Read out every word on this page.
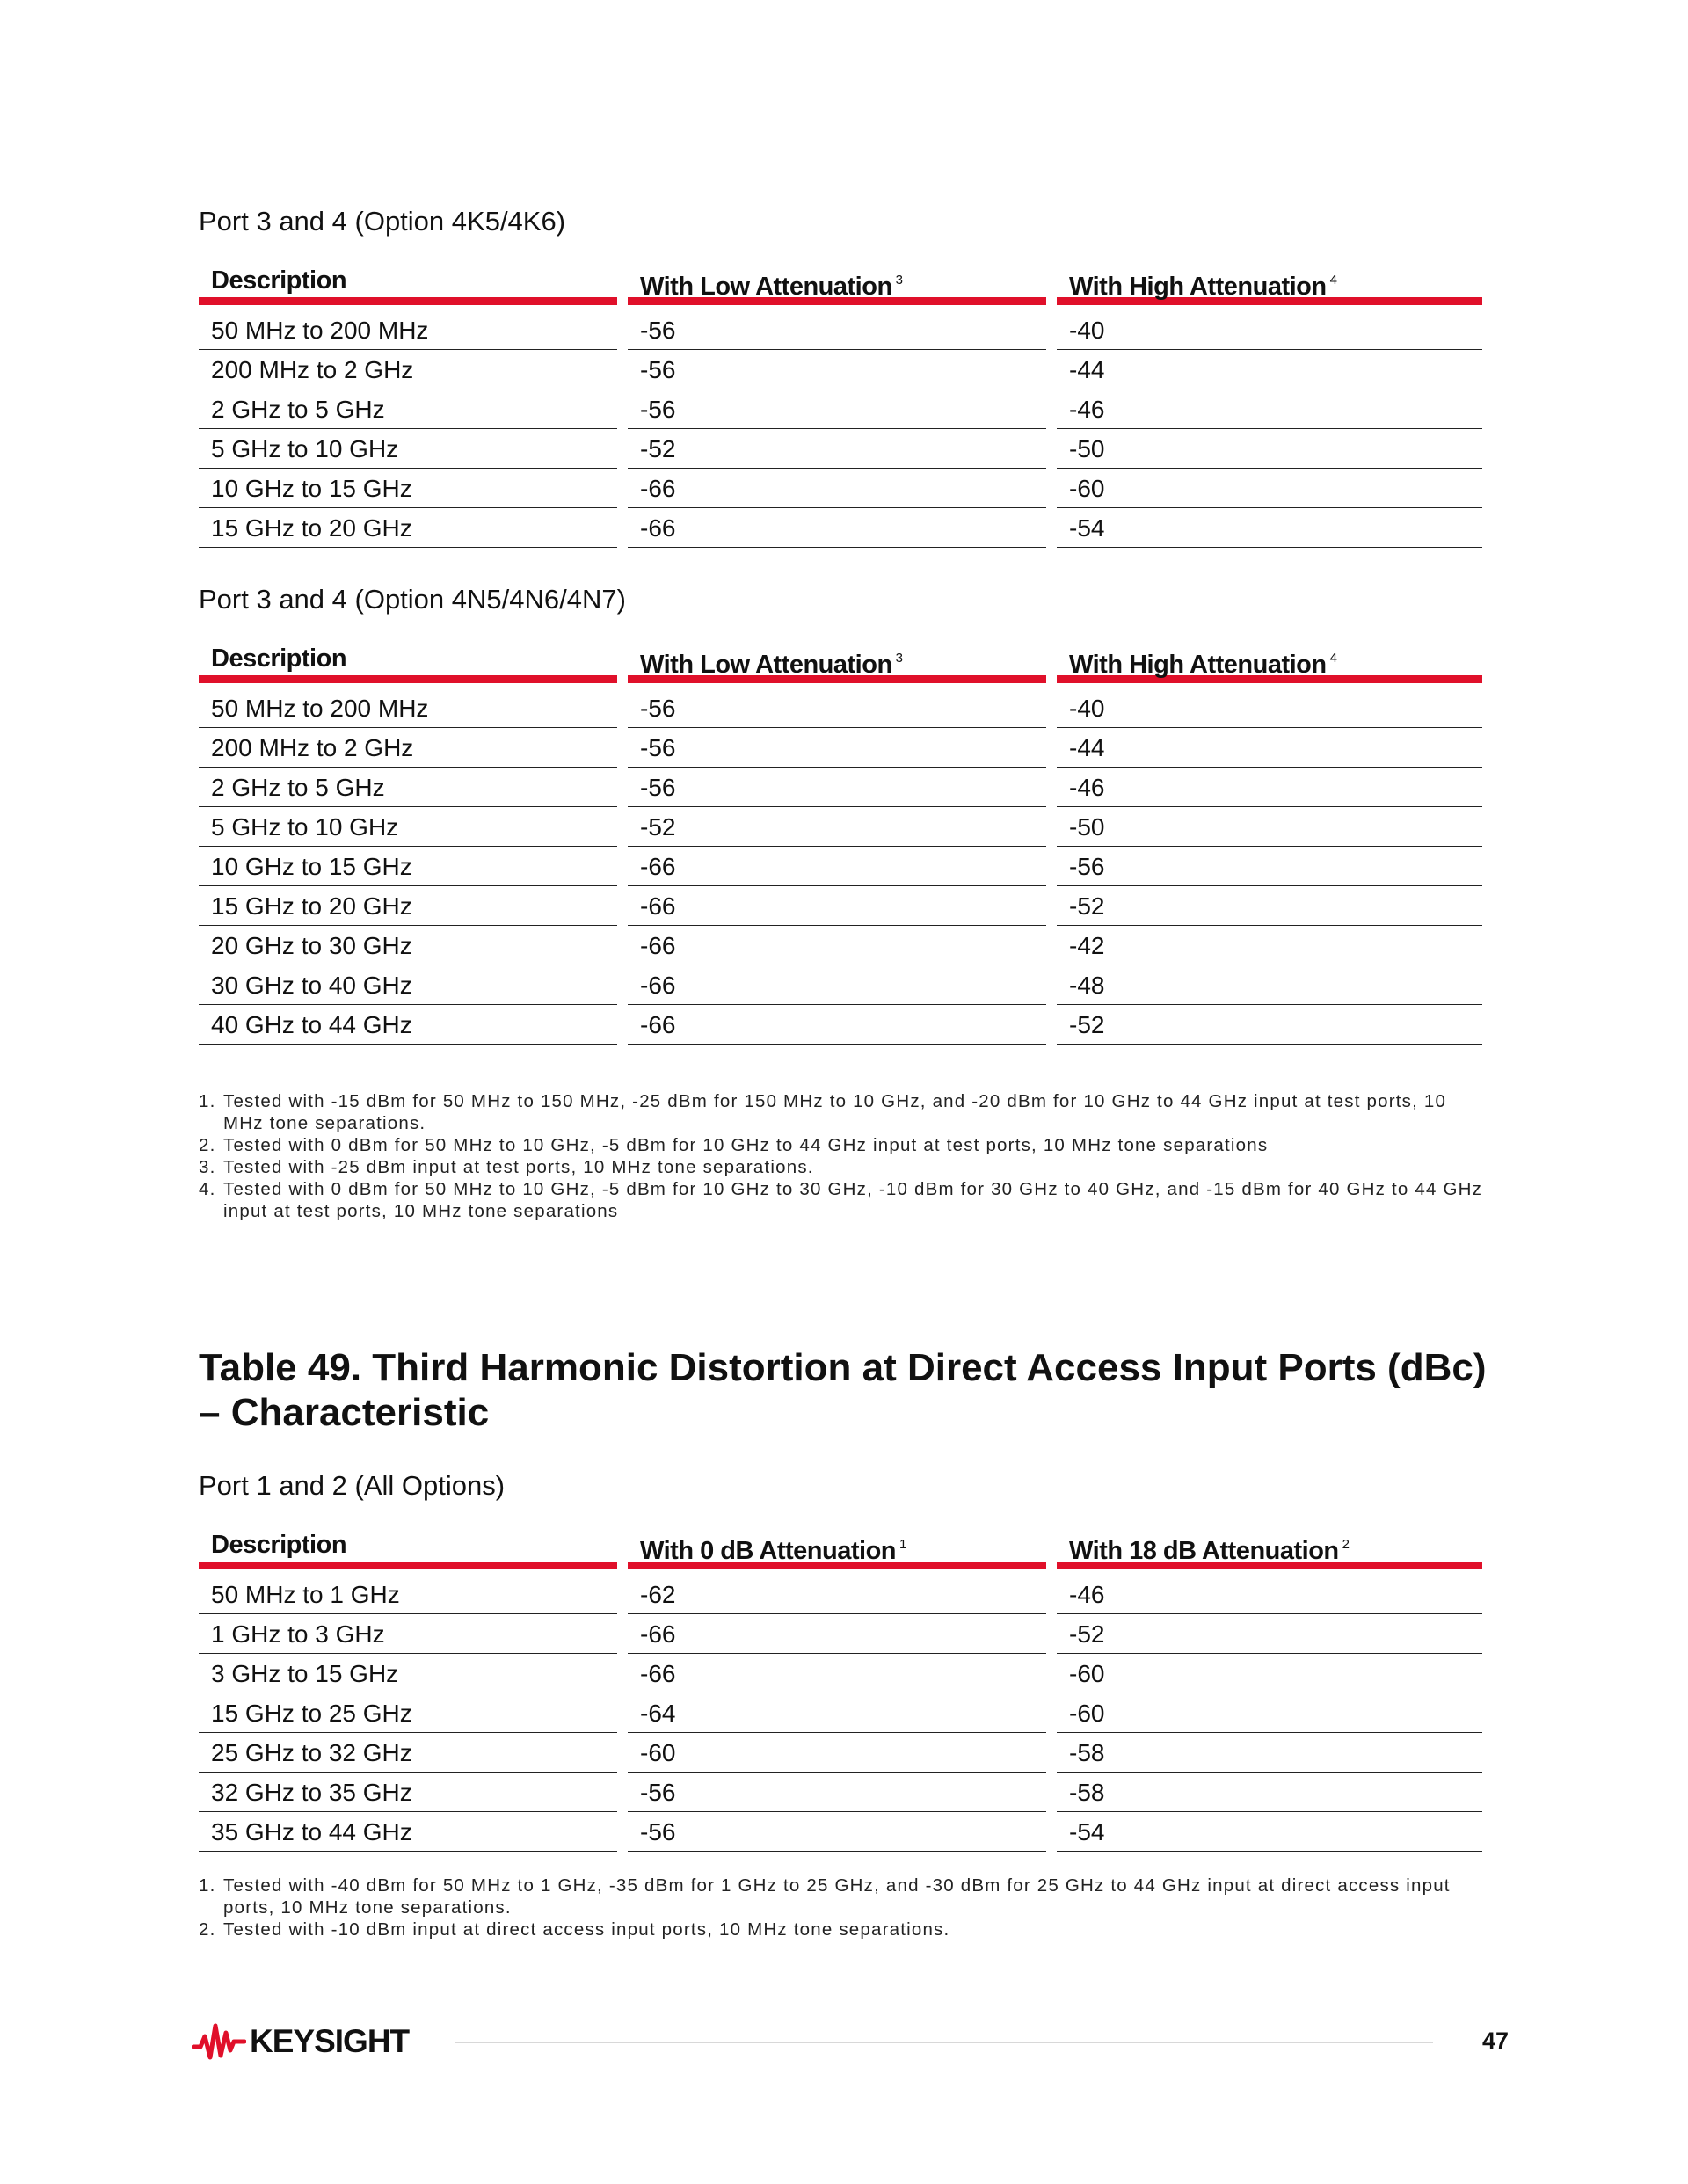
Port 3 and 4 (Option 4K5/4K6)
Description	With Low Attenuation $^3$	With High Attenuation $^4$
50 MHz to 200 MHz	-56	-40
200 MHz to 2 GHz	-56	-44
2 GHz to 5 GHz	-56	-46
5 GHz to 10 GHz	-52	-50
10 GHz to 15 GHz	-66	-60
15 GHz to 20 GHz	-66	-54
Port 3 and 4 (Option 4N5/4N6/4N7)
Description	With Low Attenuation $^3$	With High Attenuation $^4$
50 MHz to 200 MHz	-56	-40
200 MHz to 2 GHz	-56	-44
2 GHz to 5 GHz	-56	-46
5 GHz to 10 GHz	-52	-50
10 GHz to 15 GHz	-66	-56
15 GHz to 20 GHz	-66	-52
20 GHz to 30 GHz	-66	-42
30 GHz to 40 GHz	-66	-48
40 GHz to 44 GHz	-66	-52
1. Tested with -15 dBm for 50 MHz to 150 MHz, -25 dBm for 150 MHz to 10 GHz, and -20 dBm for 10 GHz to 44 GHz input at test ports, 10 MHz tone separations.
2. Tested with 0 dBm for 50 MHz to 10 GHz, -5 dBm for 10 GHz to 44 GHz input at test ports, 10 MHz tone separations
3. Tested with -25 dBm input at test ports, 10 MHz tone separations.
4. Tested with 0 dBm for 50 MHz to 10 GHz, -5 dBm for 10 GHz to 30 GHz, -10 dBm for 30 GHz to 40 GHz, and -15 dBm for 40 GHz to 44 GHz input at test ports, 10 MHz tone separations
Table 49. Third Harmonic Distortion at Direct Access Input Ports (dBc) – Characteristic
Port 1 and 2 (All Options)
Description	With 0 dB Attenuation $^1$	With 18 dB Attenuation $^2$
50 MHz to 1 GHz	-62	-46
1 GHz to 3 GHz	-66	-52
3 GHz to 15 GHz	-66	-60
15 GHz to 25 GHz	-64	-60
25 GHz to 32 GHz	-60	-58
32 GHz to 35 GHz	-56	-58
35 GHz to 44 GHz	-56	-54
1. Tested with -40 dBm for 50 MHz to 1 GHz, -35 dBm for 1 GHz to 25 GHz, and -30 dBm for 25 GHz to 44 GHz input at direct access input ports, 10 MHz tone separations.
2. Tested with -10 dBm input at direct access input ports, 10 MHz tone separations.
KEYSIGHT	47
